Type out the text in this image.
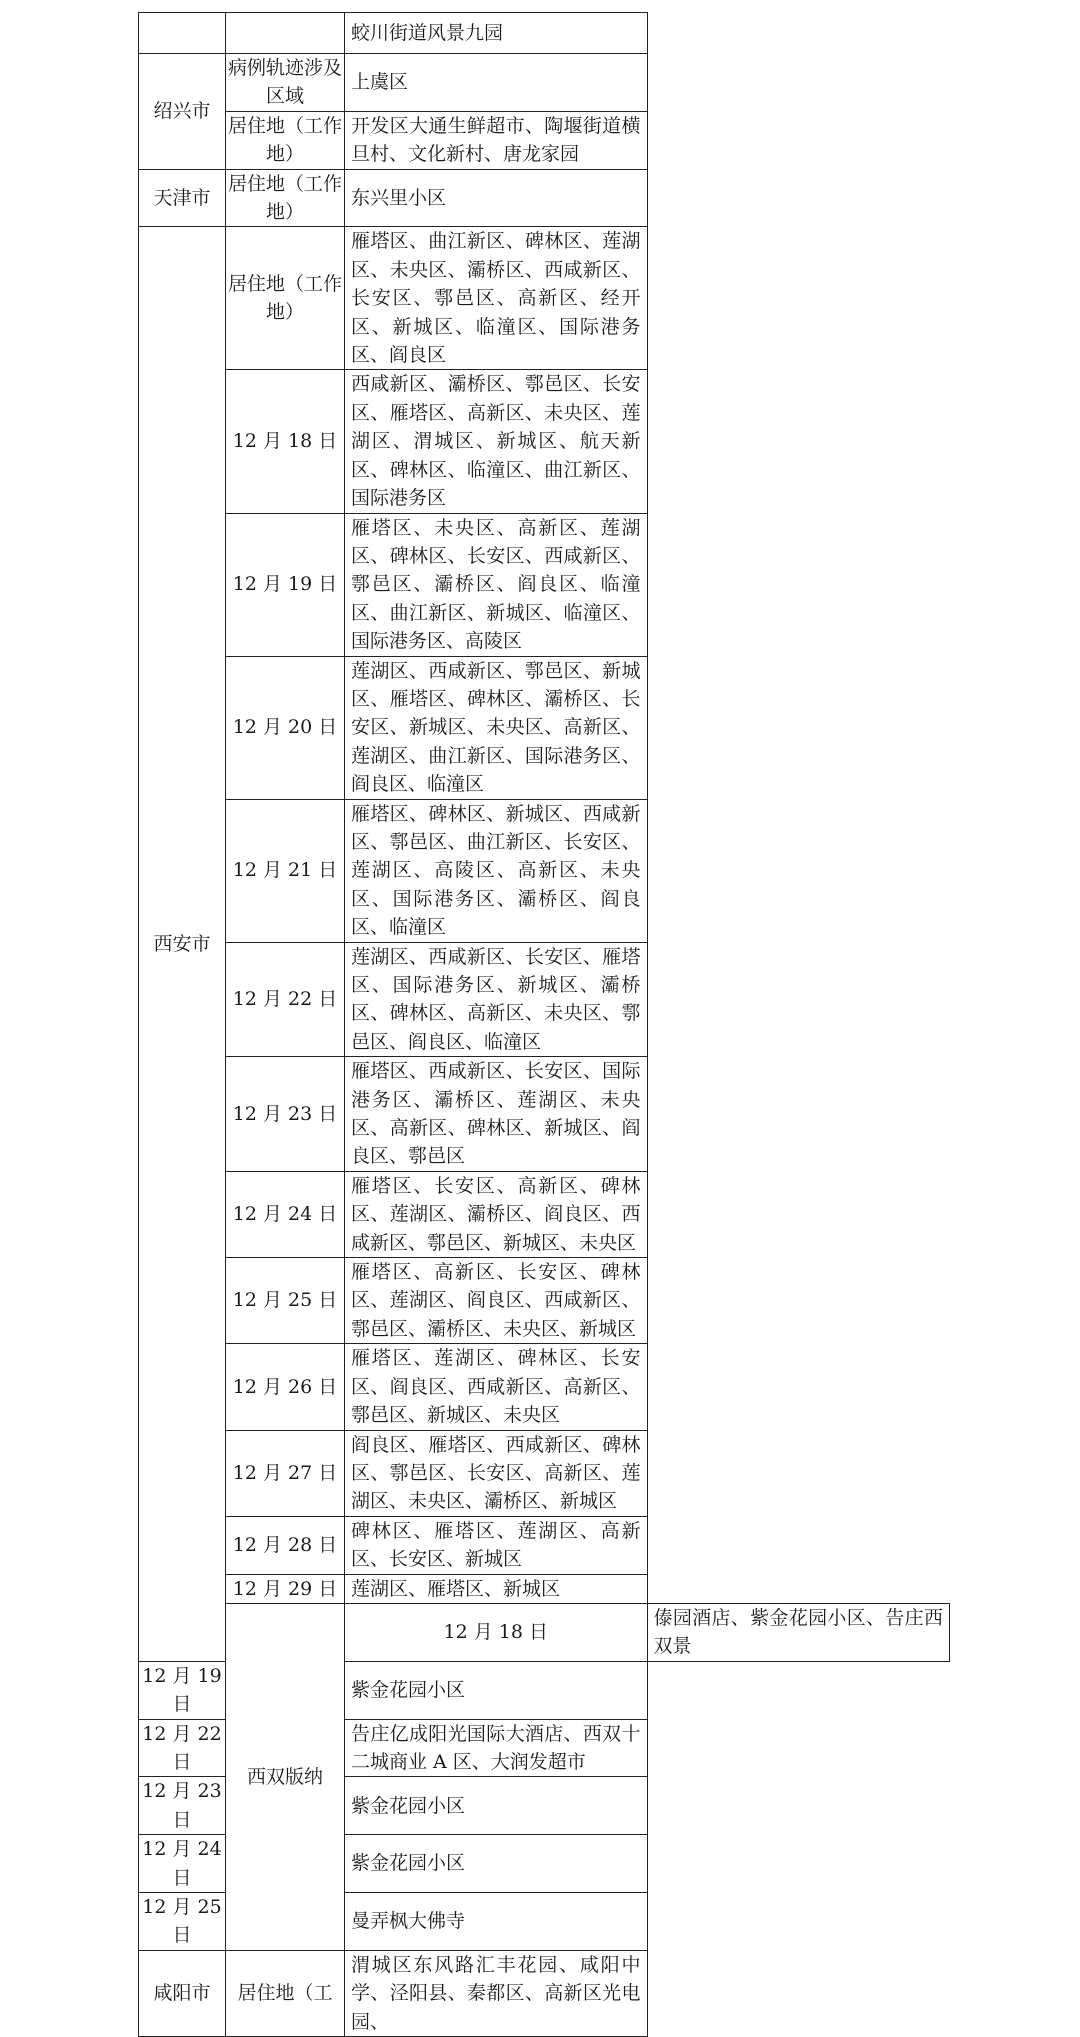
		蛟川街道风景九园	
绍兴市	病例轨迹涉及区域	上虞区	
	居住地（工作地）	开发区大通生鲜超市、陶堰街道横旦村、文化新村、唐龙家园	
天津市	居住地（工作地）	东兴里小区	
西安市	居住地（工作地）	雁塔区、曲江新区、碑林区、莲湖区、未央区、灞桥区、西咸新区、长安区、鄠邑区、高新区、经开区、新城区、临潼区、国际港务区、阎良区	
	12 月 18 日	西咸新区、灞桥区、鄠邑区、长安区、雁塔区、高新区、未央区、莲湖区、渭城区、新城区、航天新区、碑林区、临潼区、曲江新区、国际港务区	
	12 月 19 日	雁塔区、未央区、高新区、莲湖区、碑林区、长安区、西咸新区、鄠邑区、灞桥区、阎良区、临潼区、曲江新区、新城区、临潼区、国际港务区、高陵区	
	12 月 20 日	莲湖区、西咸新区、鄠邑区、新城区、雁塔区、碑林区、灞桥区、长安区、新城区、未央区、高新区、莲湖区、曲江新区、国际港务区、阎良区、临潼区	
	12 月 21 日	雁塔区、碑林区、新城区、西咸新区、鄠邑区、曲江新区、长安区、莲湖区、高陵区、高新区、未央区、国际港务区、灞桥区、阎良区、临潼区	
	12 月 22 日	莲湖区、西咸新区、长安区、雁塔区、国际港务区、新城区、灞桥区、碑林区、高新区、未央区、鄠邑区、阎良区、临潼区	
	12 月 23 日	雁塔区、西咸新区、长安区、国际港务区、灞桥区、莲湖区、未央区、高新区、碑林区、新城区、阎良区、鄠邑区	
	12 月 24 日	雁塔区、长安区、高新区、碑林区、莲湖区、灞桥区、阎良区、西咸新区、鄠邑区、新城区、未央区	
	12 月 25 日	雁塔区、高新区、长安区、碑林区、莲湖区、阎良区、西咸新区、鄠邑区、灞桥区、未央区、新城区	
	12 月 26 日	雁塔区、莲湖区、碑林区、长安区、阎良区、西咸新区、高新区、鄠邑区、新城区、未央区	
	12 月 27 日	阎良区、雁塔区、西咸新区、碑林区、鄠邑区、长安区、高新区、莲湖区、未央区、灞桥区、新城区	
	12 月 28 日	碑林区、雁塔区、莲湖区、高新区、长安区、新城区	
	12 月 29 日	莲湖区、雁塔区、新城区	
	西双版纳	12 月 18 日	傣园酒店、紫金花园小区、告庄西双景
12 月 19 日		紫金花园小区	
12 月 22 日		告庄亿成阳光国际大酒店、西双十二城商业 A 区、大润发超市	
12 月 23 日		紫金花园小区	
12 月 24 日		紫金花园小区	
12 月 25 日		曼弄枫大佛寺	
咸阳市	居住地（工	渭城区东风路汇丰花园、咸阳中学、泾阳县、秦都区、高新区光电园、	
